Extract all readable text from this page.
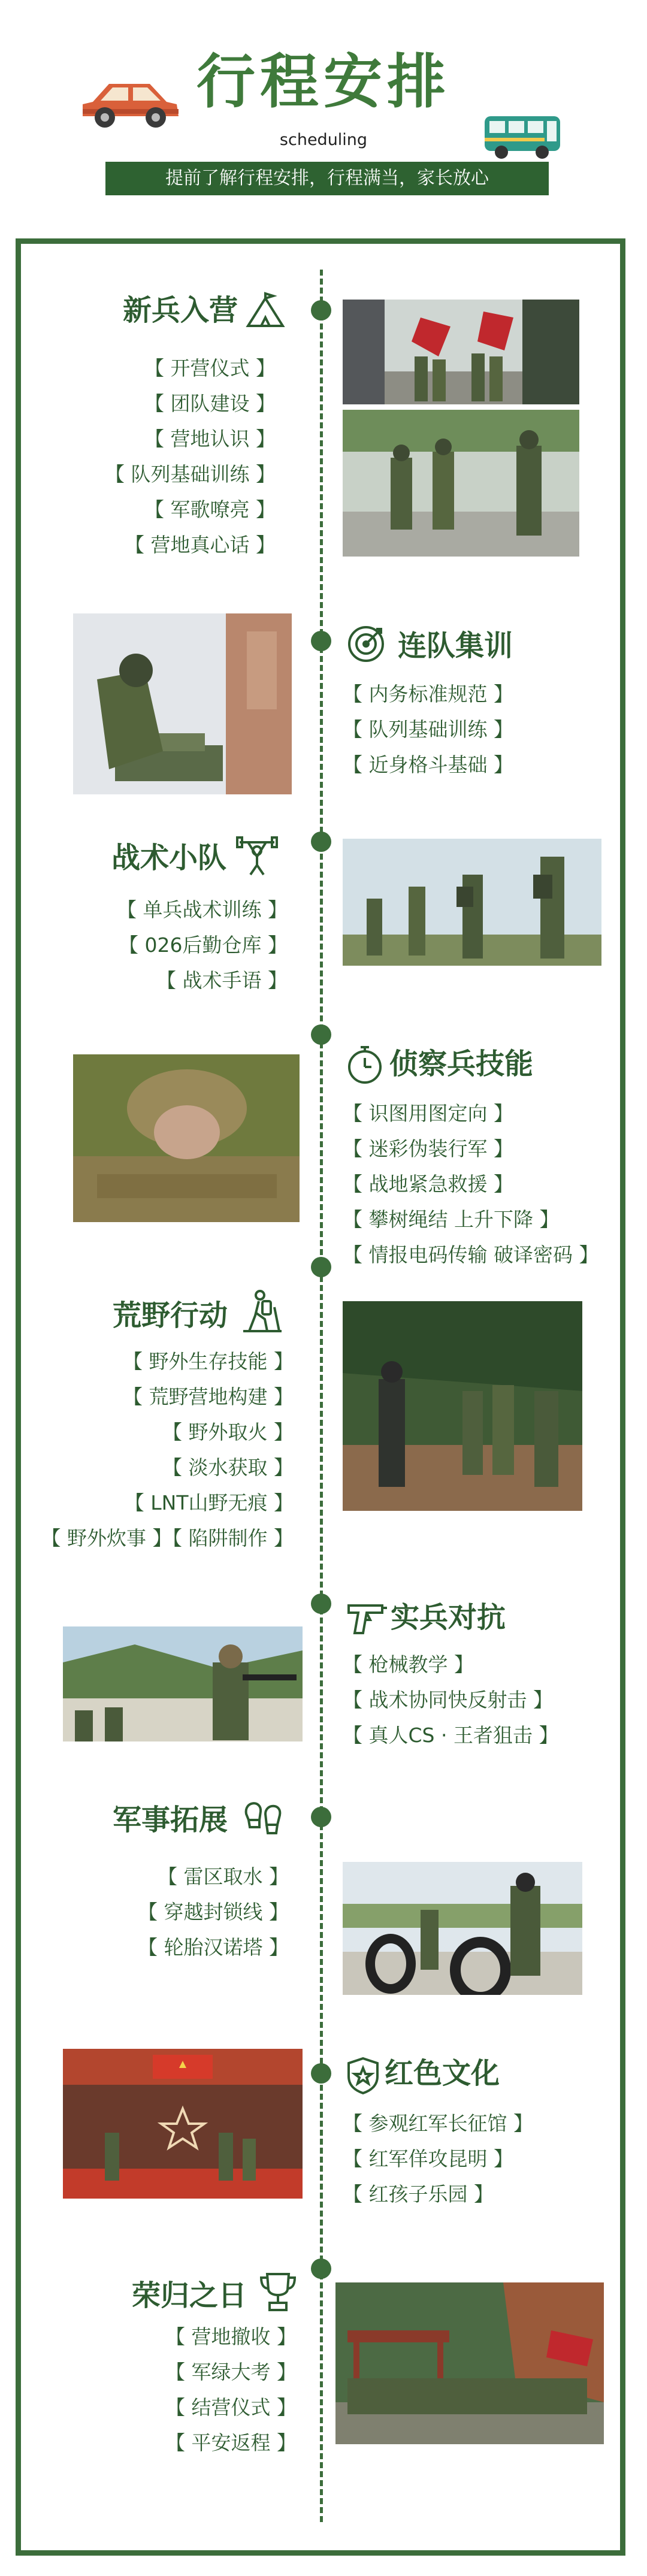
行程安排
scheduling
提前了解行程安排，行程满当，家长放心
新兵入营
【 开营仪式 】
【 团队建设 】
【 营地认识 】
【 队列基础训练 】
【 军歌嘹亮 】
【 营地真心话 】
连队集训
【 内务标准规范 】
【 队列基础训练 】
【 近身格斗基础 】
战术小队
【 单兵战术训练 】
【 026后勤仓库 】
【 战术手语 】
侦察兵技能
【 识图用图定向 】
【 迷彩伪装行军 】
【 战地紧急救援 】
【 攀树绳结 上升下降 】
【 情报电码传输 破译密码 】
荒野行动
【 野外生存技能 】
【 荒野营地构建 】
【 野外取火 】
【 淡水获取 】
【 LNT山野无痕 】
【 野外炊事 】【 陷阱制作 】
实兵对抗
【 枪械教学 】
【 战术协同快反射击 】
【 真人CS · 王者狙击 】
军事拓展
【 雷区取水 】
【 穿越封锁线 】
【 轮胎汉诺塔 】
红色文化
【 参观红军长征馆 】
【 红军佯攻昆明 】
【 红孩子乐园 】
荣归之日
【 营地撤收 】
【 军绿大考 】
【 结营仪式 】
【 平安返程 】
